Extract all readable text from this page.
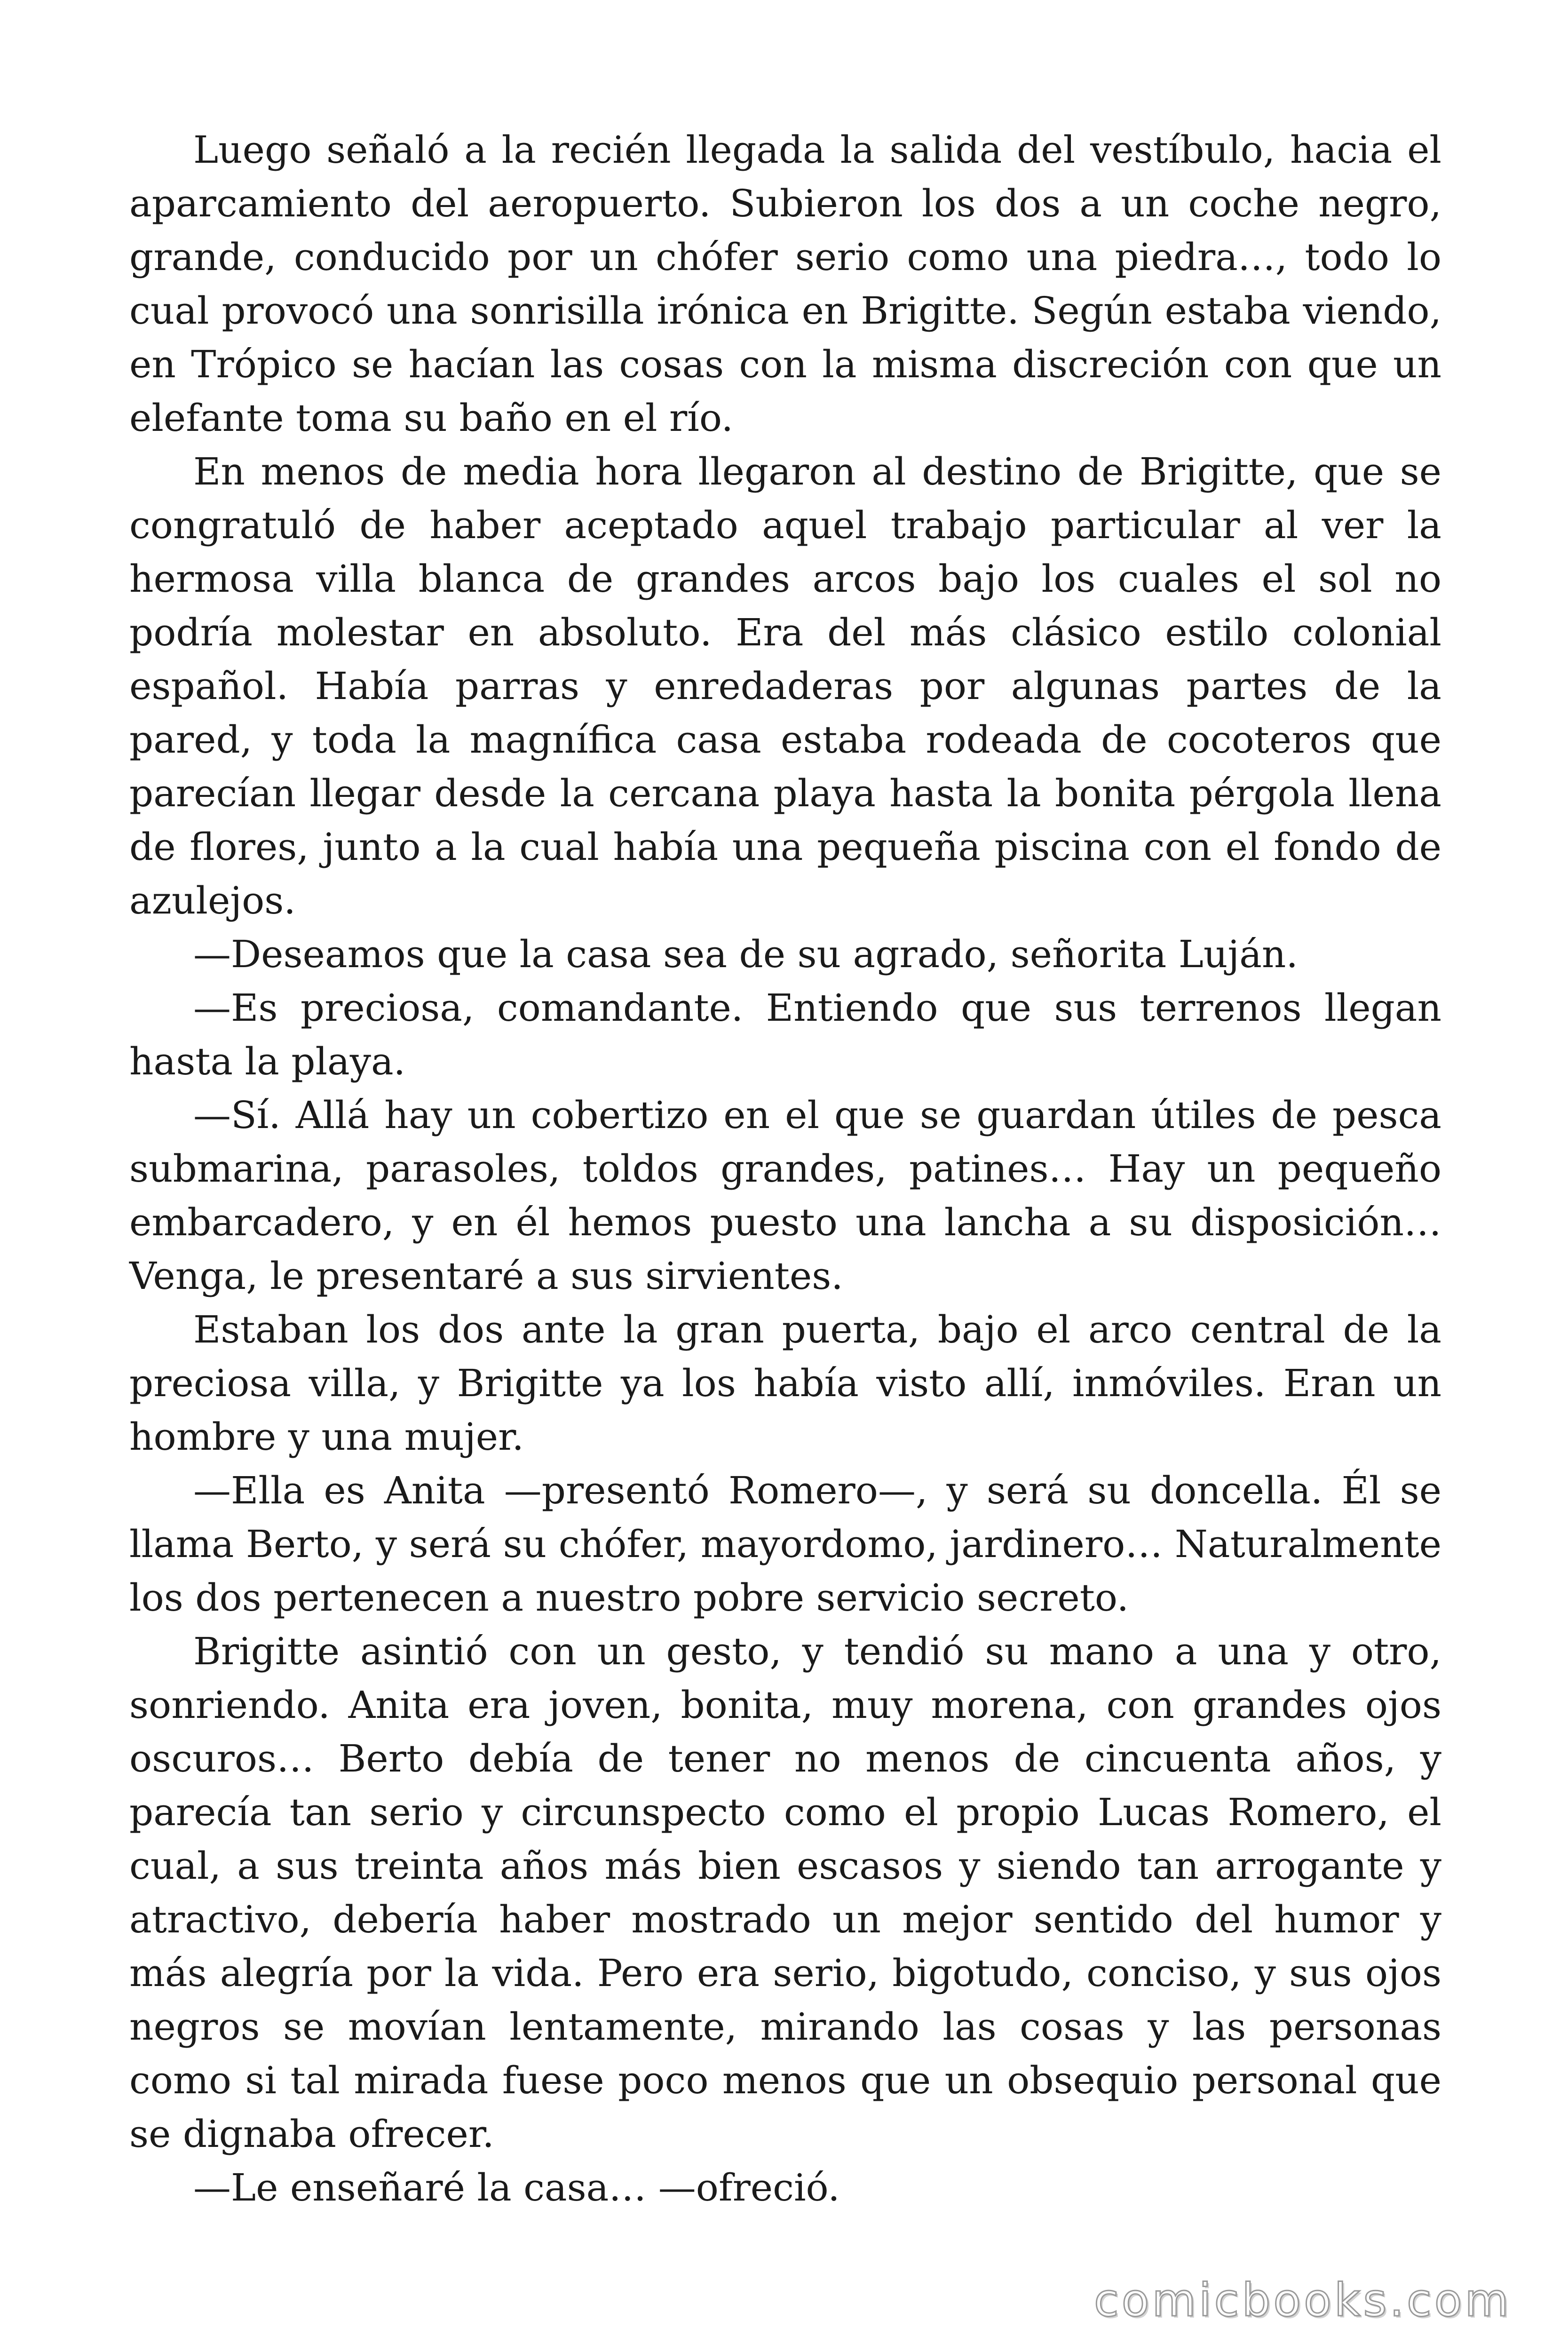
Luego señaló a la recién llegada la salida del vestíbulo, hacia el aparcamiento del aeropuerto. Subieron los dos a un coche negro, grande, conducido por un chófer serio como una piedra…, todo lo cual provocó una sonrisilla irónica en Brigitte. Según estaba viendo, en Trópico se hacían las cosas con la misma discreción con que un elefante toma su baño en el río.

En menos de media hora llegaron al destino de Brigitte, que se congratuló de haber aceptado aquel trabajo particular al ver la hermosa villa blanca de grandes arcos bajo los cuales el sol no podría molestar en absoluto. Era del más clásico estilo colonial español. Había parras y enredaderas por algunas partes de la pared, y toda la magnífica casa estaba rodeada de cocoteros que parecían llegar desde la cercana playa hasta la bonita pérgola llena de flores, junto a la cual había una pequeña piscina con el fondo de azulejos.

—Deseamos que la casa sea de su agrado, señorita Luján.

—Es preciosa, comandante. Entiendo que sus terrenos llegan hasta la playa.

—Sí. Allá hay un cobertizo en el que se guardan útiles de pesca submarina, parasoles, toldos grandes, patines… Hay un pequeño embarcadero, y en él hemos puesto una lancha a su disposición… Venga, le presentaré a sus sirvientes.

Estaban los dos ante la gran puerta, bajo el arco central de la preciosa villa, y Brigitte ya los había visto allí, inmóviles. Eran un hombre y una mujer.

—Ella es Anita —presentó Romero—, y será su doncella. Él se llama Berto, y será su chófer, mayordomo, jardinero… Naturalmente los dos pertenecen a nuestro pobre servicio secreto.

Brigitte asintió con un gesto, y tendió su mano a una y otro, sonriendo. Anita era joven, bonita, muy morena, con grandes ojos oscuros… Berto debía de tener no menos de cincuenta años, y parecía tan serio y circunspecto como el propio Lucas Romero, el cual, a sus treinta años más bien escasos y siendo tan arrogante y atractivo, debería haber mostrado un mejor sentido del humor y más alegría por la vida. Pero era serio, bigotudo, conciso, y sus ojos negros se movían lentamente, mirando las cosas y las personas como si tal mirada fuese poco menos que un obsequio personal que se dignaba ofrecer.

—Le enseñaré la casa… —ofreció.

comicbooks.com
